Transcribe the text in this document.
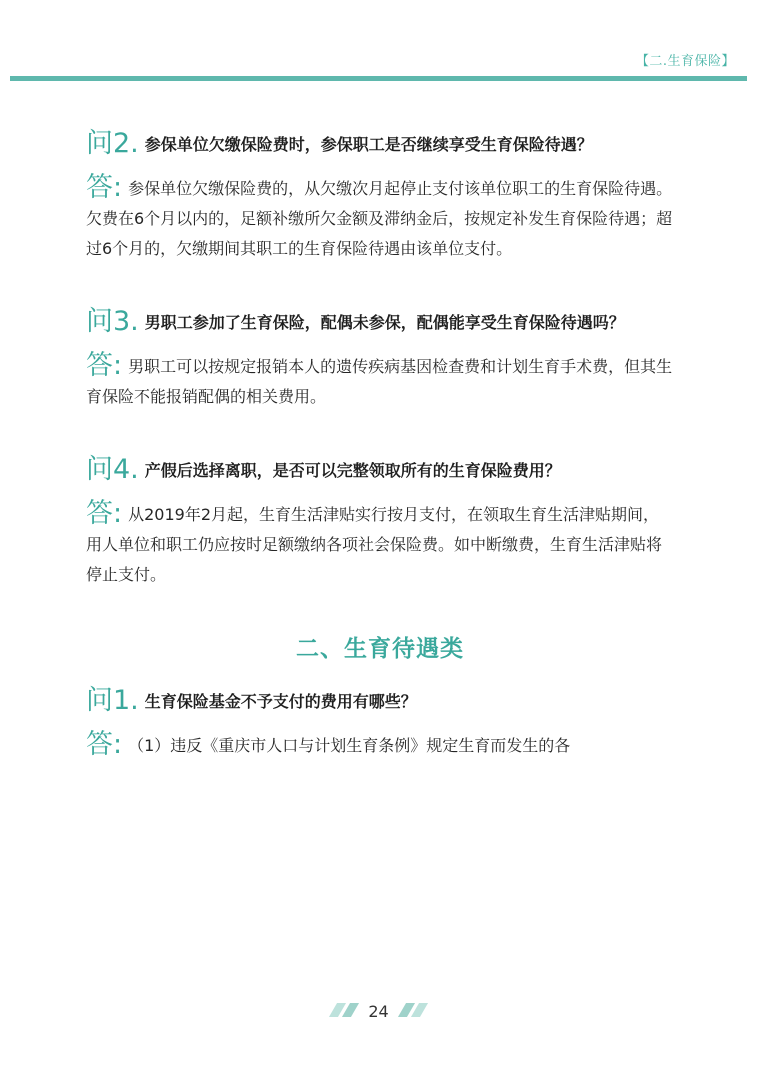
【二.生育保险】
问2. 参保单位欠缴保险费时，参保职工是否继续享受生育保险待遇？
答: 参保单位欠缴保险费的，从欠缴次月起停止支付该单位职工的生育保险待遇。欠费在6个月以内的，足额补缴所欠金额及滞纳金后，按规定补发生育保险待遇；超过6个月的，欠缴期间其职工的生育保险待遇由该单位支付。
问3. 男职工参加了生育保险，配偶未参保，配偶能享受生育保险待遇吗？
答: 男职工可以按规定报销本人的遗传疾病基因检查费和计划生育手术费，但其生育保险不能报销配偶的相关费用。
问4. 产假后选择离职，是否可以完整领取所有的生育保险费用？
答: 从2019年2月起，生育生活津贴实行按月支付，在领取生育生活津贴期间，用人单位和职工仍应按时足额缴纳各项社会保险费。如中断缴费，生育生活津贴将停止支付。
二、生育待遇类
问1. 生育保险基金不予支付的费用有哪些？
答: （1）违反《重庆市人口与计划生育条例》规定生育而发生的各
24
